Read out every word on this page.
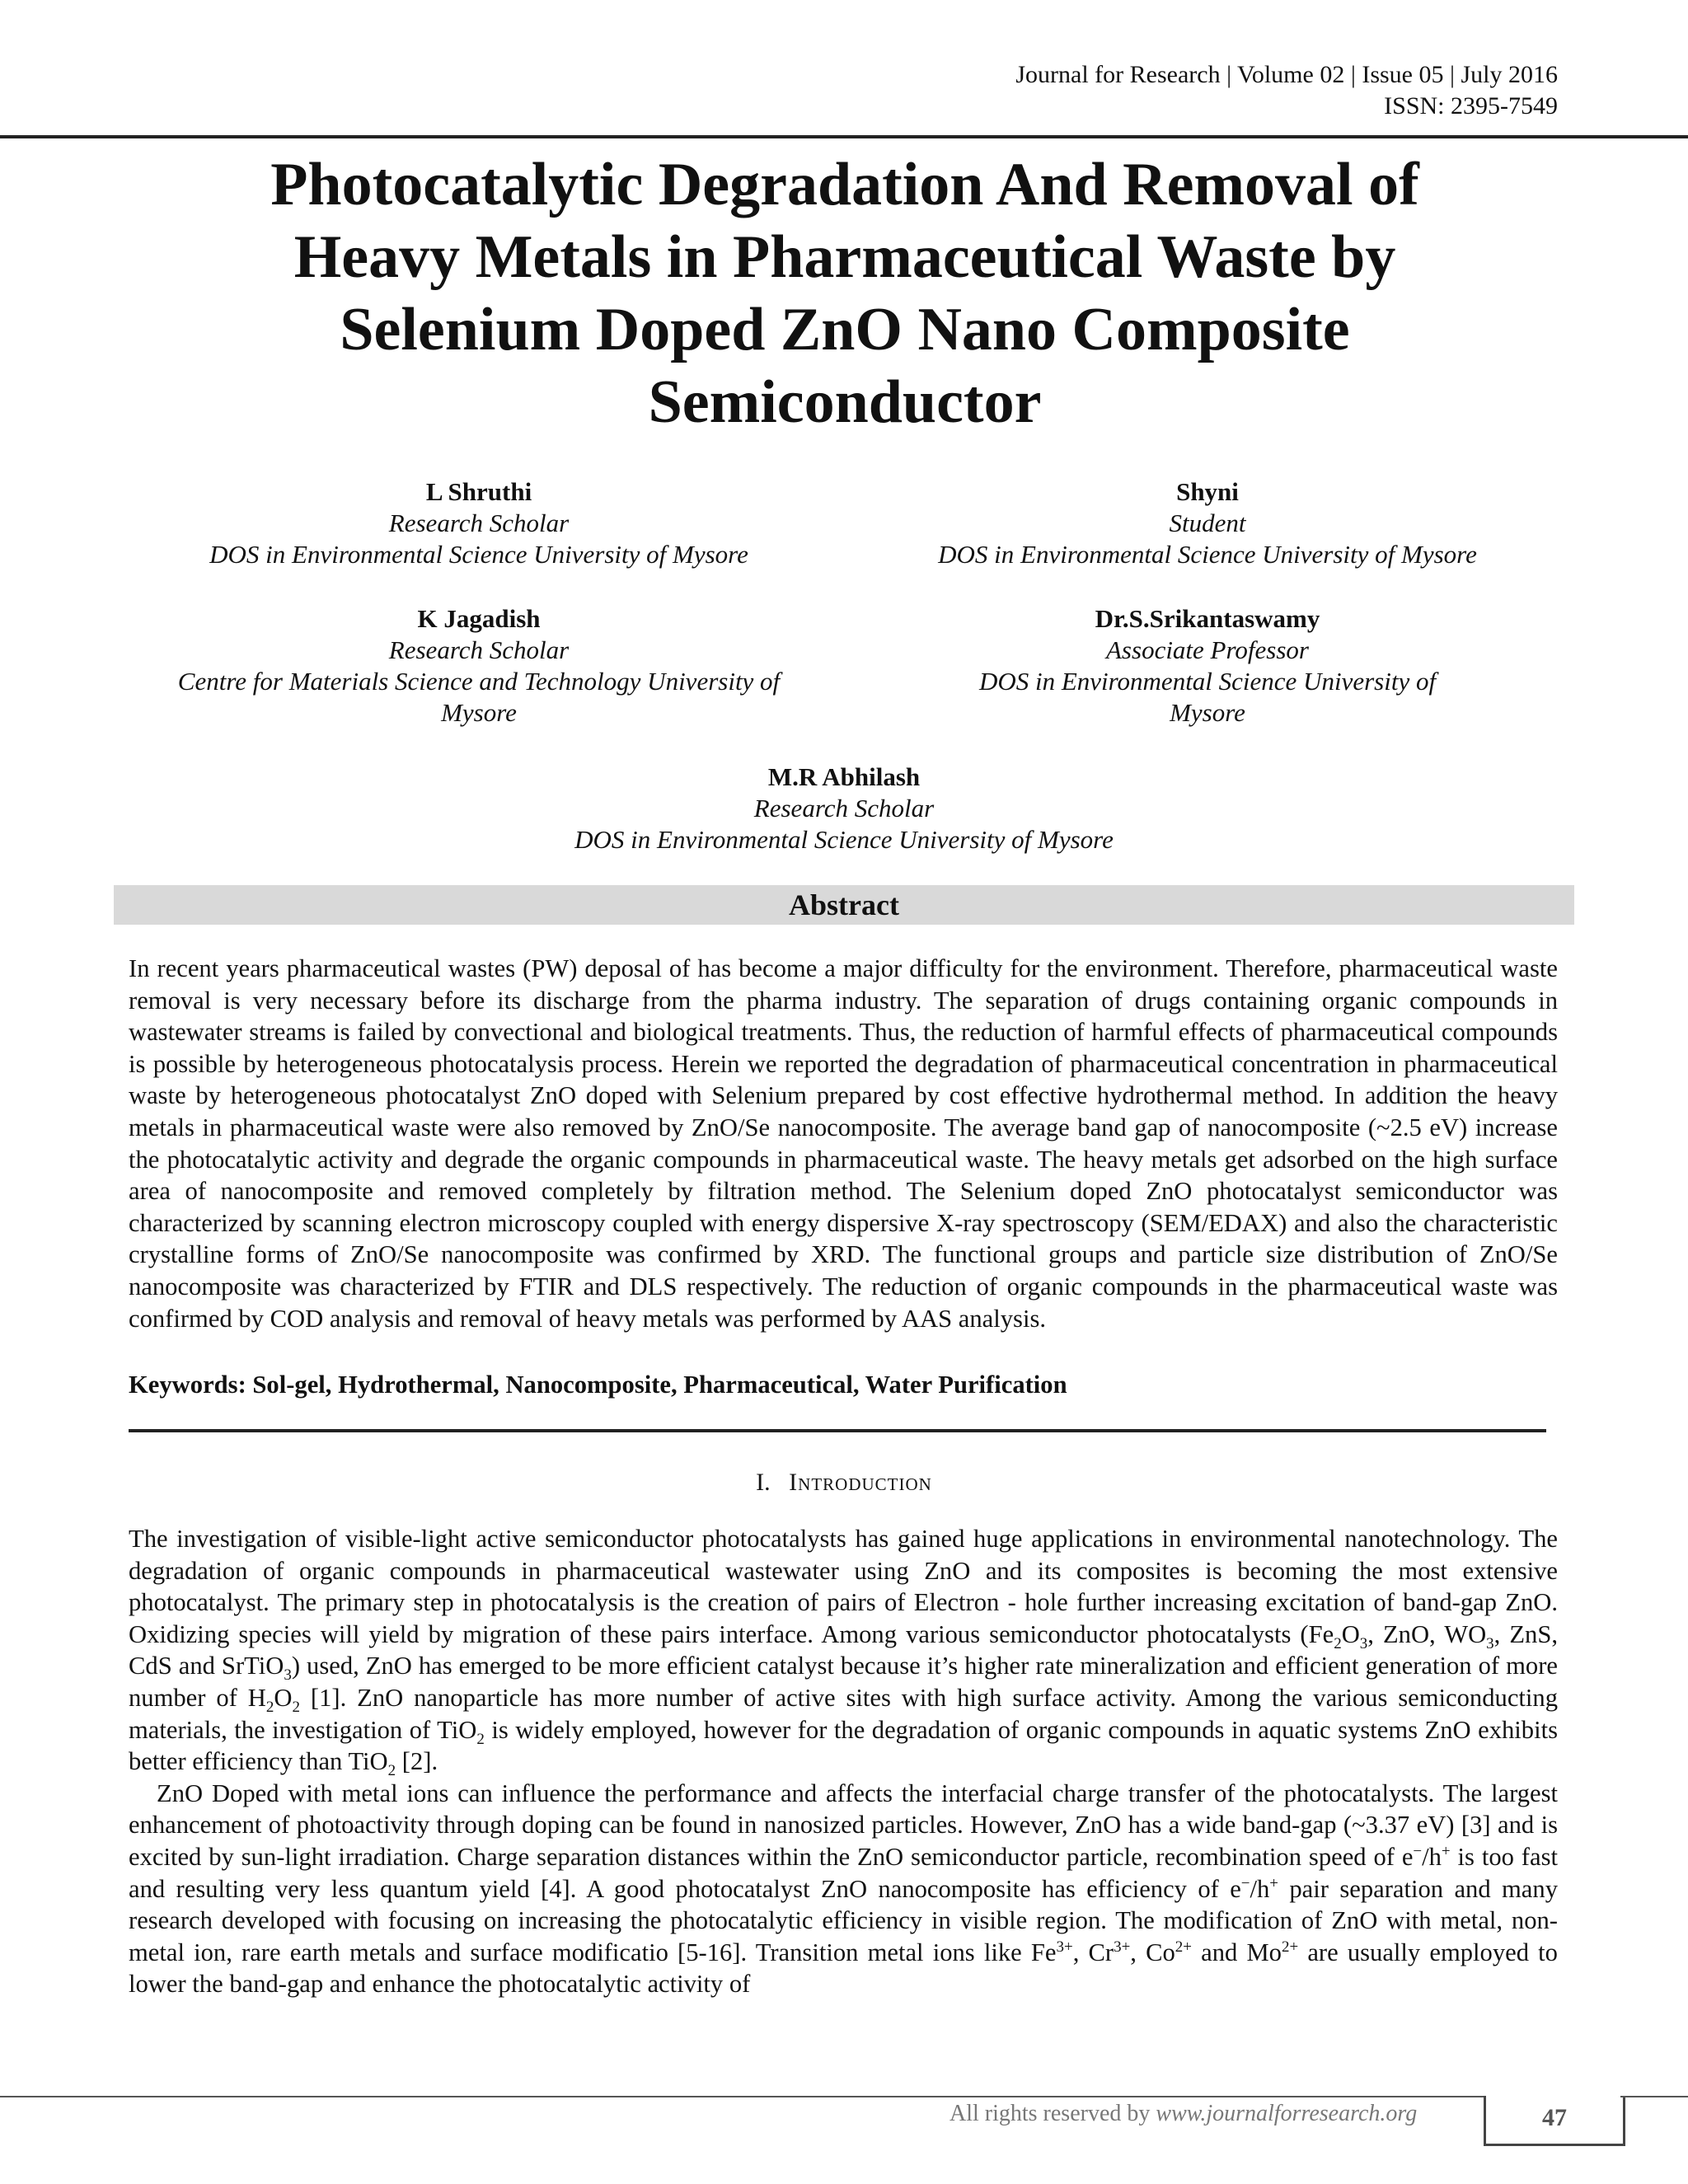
Journal for Research | Volume 02 | Issue 05 | July 2016
ISSN: 2395-7549
Photocatalytic Degradation And Removal of
Heavy Metals in Pharmaceutical Waste by
Selenium Doped ZnO Nano Composite
Semiconductor
L Shruthi
Research Scholar
DOS in Environmental Science University of Mysore
Shyni
Student
DOS in Environmental Science University of Mysore
K Jagadish
Research Scholar
Centre for Materials Science and Technology University of
Mysore
Dr.S.Srikantaswamy
Associate Professor
DOS in Environmental Science University of
Mysore
M.R Abhilash
Research Scholar
DOS in Environmental Science University of Mysore
Abstract
In recent years pharmaceutical wastes (PW) deposal of has become a major difficulty for the environment. Therefore, pharmaceutical waste removal is very necessary before its discharge from the pharma industry. The separation of drugs containing organic compounds in wastewater streams is failed by convectional and biological treatments. Thus, the reduction of harmful effects of pharmaceutical compounds is possible by heterogeneous photocatalysis process. Herein we reported the degradation of pharmaceutical concentration in pharmaceutical waste by heterogeneous photocatalyst ZnO doped with Selenium prepared by cost effective hydrothermal method. In addition the heavy metals in pharmaceutical waste were also removed by ZnO/Se nanocomposite. The average band gap of nanocomposite (~2.5 eV) increase the photocatalytic activity and degrade the organic compounds in pharmaceutical waste. The heavy metals get adsorbed on the high surface area of nanocomposite and removed completely by filtration method. The Selenium doped ZnO photocatalyst semiconductor was characterized by scanning electron microscopy coupled with energy dispersive X-ray spectroscopy (SEM/EDAX) and also the characteristic crystalline forms of ZnO/Se nanocomposite was confirmed by XRD. The functional groups and particle size distribution of ZnO/Se nanocomposite was characterized by FTIR and DLS respectively. The reduction of organic compounds in the pharmaceutical waste was confirmed by COD analysis and removal of heavy metals was performed by AAS analysis.
Keywords: Sol-gel, Hydrothermal, Nanocomposite, Pharmaceutical, Water Purification
I. Introduction

The investigation of visible-light active semiconductor photocatalysts has gained huge applications in environmental nanotechnology. The degradation of organic compounds in pharmaceutical wastewater using ZnO and its composites is becoming the most extensive photocatalyst. The primary step in photocatalysis is the creation of pairs of Electron - hole further increasing excitation of band-gap ZnO. Oxidizing species will yield by migration of these pairs interface. Among various semiconductor photocatalysts ($Fe_2O_3$, ZnO, $WO_3$, ZnS, CdS and SrTiO$_3$) used, ZnO has emerged to be more efficient catalyst because it’s higher rate mineralization and efficient generation of more number of $H_2O_2$ [1]. ZnO nanoparticle has more number of active sites with high surface activity. Among the various semiconducting materials, the investigation of TiO$_2$ is widely employed, however for the degradation of organic compounds in aquatic systems ZnO exhibits better efficiency than TiO$_2$ [2].

ZnO Doped with metal ions can influence the performance and affects the interfacial charge transfer of the photocatalysts. The largest enhancement of photoactivity through doping can be found in nanosized particles. However, ZnO has a wide band-gap (~3.37 eV) [3] and is excited by sun-light irradiation. Charge separation distances within the ZnO semiconductor particle, recombination speed of e−/h+ is too fast and resulting very less quantum yield [4]. A good photocatalyst ZnO nanocomposite has efficiency of e−/h+ pair separation and many research developed with focusing on increasing the photocatalytic efficiency in visible region. The modification of ZnO with metal, non-metal ion, rare earth metals and surface modificatio [5-16]. Transition metal ions like $Fe^{3+}$, $Cr^{3+}$, $Co^{2+}$ and $Mo^{2+}$ are usually employed to lower the band-gap and enhance the photocatalytic activity of

All rights reserved by www.journalforresearch.org	47
